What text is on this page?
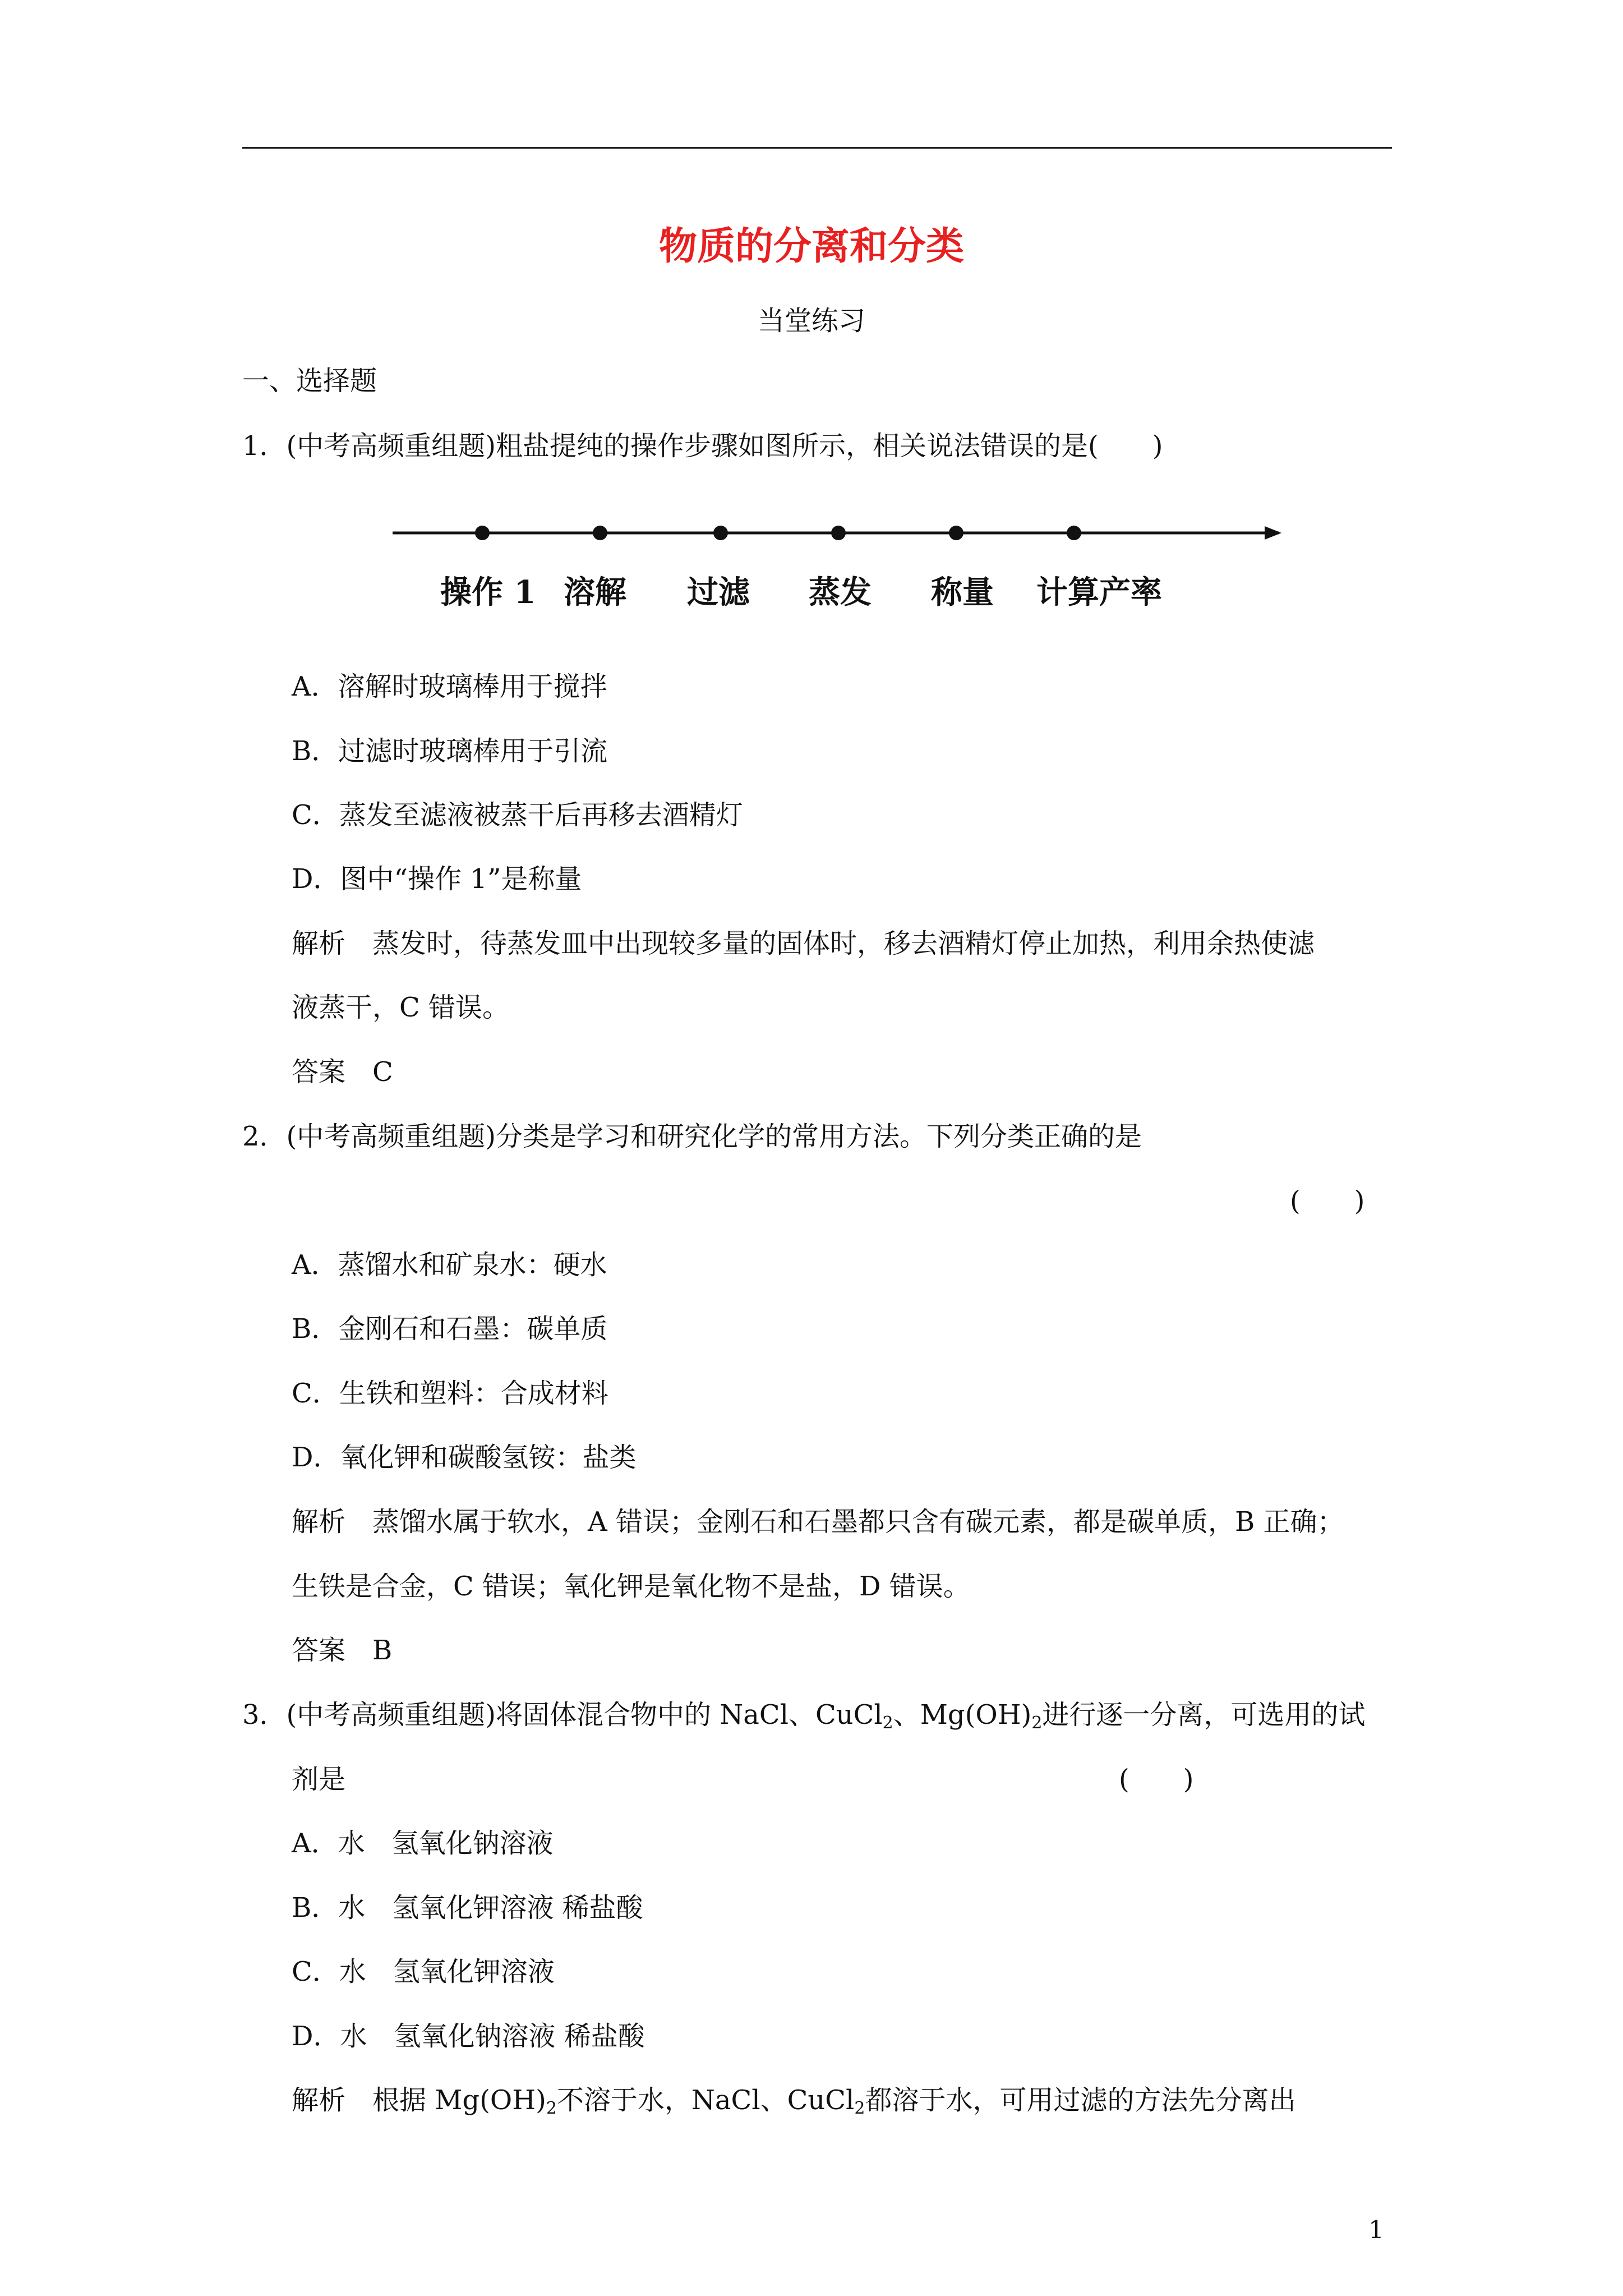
物质的分离和分类
当堂练习
一、选择题
1．(中考高频重组题)粗盐提纯的操作步骤如图所示，相关说法错误的是(　　)
操作 1 溶解 过滤 蒸发 称量 计算产率
A．溶解时玻璃棒用于搅拌
B．过滤时玻璃棒用于引流
C．蒸发至滤液被蒸干后再移去酒精灯
D．图中“操作 1”是称量
解析 蒸发时，待蒸发皿中出现较多量的固体时，移去酒精灯停止加热，利用余热使滤
液蒸干，C 错误。
答案 C
2．(中考高频重组题)分类是学习和研究化学的常用方法。下列分类正确的是
(　　)
A．蒸馏水和矿泉水：硬水
B．金刚石和石墨：碳单质
C．生铁和塑料：合成材料
D．氧化钾和碳酸氢铵：盐类
解析 蒸馏水属于软水，A 错误；金刚石和石墨都只含有碳元素，都是碳单质，B 正确；
生铁是合金，C 错误；氧化钾是氧化物不是盐，D 错误。
答案 B
3．(中考高频重组题)将固体混合物中的 NaCl、CuCl$_2$、$Mg(OH)_2$进行逐一分离，可选用的试
剂是	(　　)
A．水　氢氧化钠溶液
B．水　氢氧化钾溶液 稀盐酸
C．水　氢氧化钾溶液
D．水　氢氧化钠溶液 稀盐酸
解析 根据 $Mg(OH)_2$不溶于水，NaCl、CuCl$_2$都溶于水，可用过滤的方法先分离出
1
